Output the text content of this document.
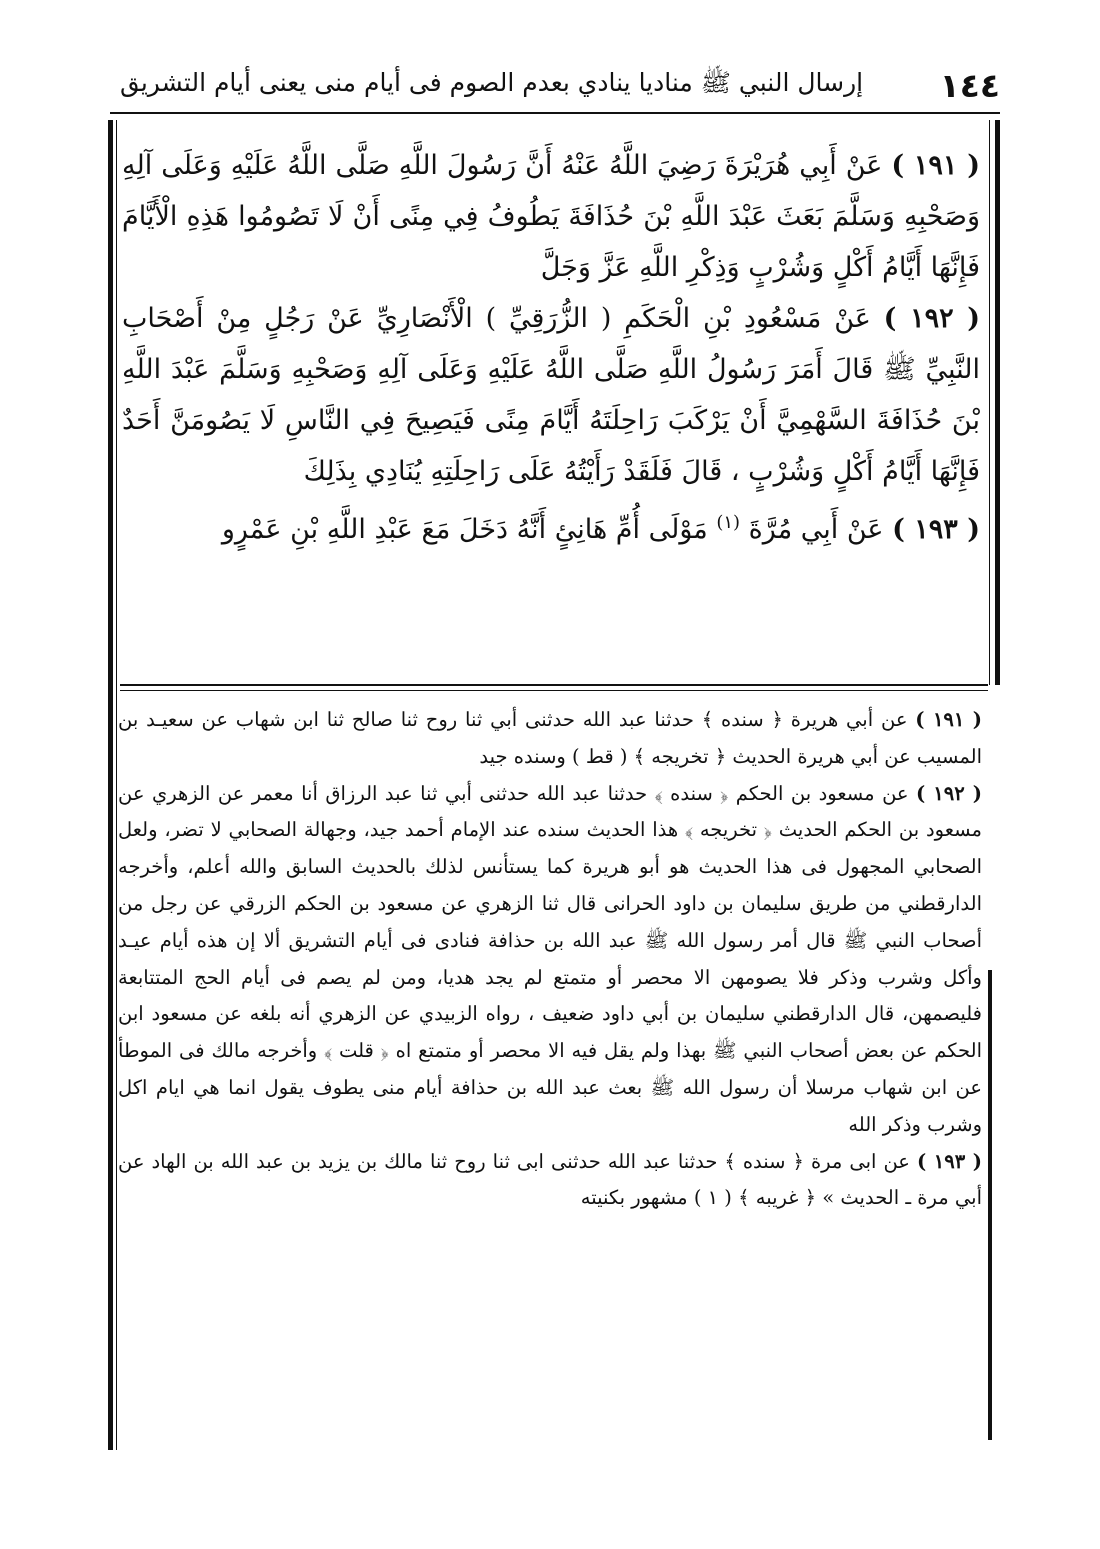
١٤٤
إرسال النبي ﷺ مناديا ينادي بعدم الصوم فى أيام منى يعنى أيام التشريق

( ١٩١ ) عَنْ أَبِي هُرَيْرَةَ رَضِيَ اللَّهُ عَنْهُ أَنَّ رَسُولَ اللَّهِ صَلَّى اللَّهُ عَلَيْهِ وَعَلَى آلِهِ وَصَحْبِهِ وَسَلَّمَ بَعَثَ عَبْدَ اللَّهِ بْنَ حُذَافَةَ يَطُوفُ فِي مِنًى أَنْ لَا تَصُومُوا هَذِهِ الْأَيَّامَ فَإِنَّهَا أَيَّامُ أَكْلٍ وَشُرْبٍ وَذِكْرِ اللَّهِ عَزَّ وَجَلَّ

( ١٩٢ ) عَنْ مَسْعُودِ بْنِ الْحَكَمِ ( الزُّرَقِيِّ ) الْأَنْصَارِيِّ عَنْ رَجُلٍ مِنْ أَصْحَابِ النَّبِيِّ ﷺ قَالَ أَمَرَ رَسُولُ اللَّهِ صَلَّى اللَّهُ عَلَيْهِ وَعَلَى آلِهِ وَصَحْبِهِ وَسَلَّمَ عَبْدَ اللَّهِ بْنَ حُذَافَةَ السَّهْمِيَّ أَنْ يَرْكَبَ رَاحِلَتَهُ أَيَّامَ مِنًى فَيَصِيحَ فِي النَّاسِ لَا يَصُومَنَّ أَحَدٌ فَإِنَّهَا أَيَّامُ أَكْلٍ وَشُرْبٍ ، قَالَ فَلَقَدْ رَأَيْتُهُ عَلَى رَاحِلَتِهِ يُنَادِي بِذَلِكَ

( ١٩٣ ) عَنْ أَبِي مُرَّةَ $^{(١)}$ مَوْلَى أُمِّ هَانِئٍ أَنَّهُ دَخَلَ مَعَ عَبْدِ اللَّهِ بْنِ عَمْرٍو

( ١٩١ ) عن أبي هريرة ﴿ سنده ﴾ حدثنا عبد الله حدثنى أبي ثنا روح ثنا صالح ثنا ابن شهاب عن سعيـد بن المسيب عن أبي هريرة الحديث ﴿ تخريجه ﴾ ( قط ) وسنده جيد

( ١٩٢ ) عن مسعود بن الحكم ﴿ سنده ﴾ حدثنا عبد الله حدثنى أبي ثنا عبد الرزاق أنا معمر عن الزهري عن مسعود بن الحكم الحديث ﴿ تخريجه ﴾ هذا الحديث سنده عند الإمام أحمد جيد، وجهالة الصحابي لا تضر، ولعل الصحابي المجهول فى هذا الحديث هو أبو هريرة كما يستأنس لذلك بالحديث السابق والله أعلم، وأخرجه الدارقطني من طريق سليمان بن داود الحرانى قال ثنا الزهري عن مسعود بن الحكم الزرقي عن رجل من أصحاب النبي ﷺ قال أمر رسول الله ﷺ عبد الله بن حذافة فنادى فى أيام التشريق ألا إن هذه أيام عيـد وأكل وشرب وذكر فلا يصومهن الا محصر أو متمتع لم يجد هديا، ومن لم يصم فى أيام الحج المتتابعة فليصمهن، قال الدارقطني سليمان بن أبي داود ضعيف ، رواه الزبيدي عن الزهري أنه بلغه عن مسعود ابن الحكم عن بعض أصحاب النبي ﷺ بهذا ولم يقل فيه الا محصر أو متمتع اه ﴿ قلت ﴾ وأخرجه مالك فى الموطأ عن ابن شهاب مرسلا أن رسول الله ﷺ بعث عبد الله بن حذافة أيام منى يطوف يقول انما هي ايام اكل وشرب وذكر الله

( ١٩٣ ) عن ابى مرة ﴿ سنده ﴾ حدثنا عبد الله حدثنى ابى ثنا روح ثنا مالك بن يزيد بن عبد الله بن الهاد عن أبي مرة ـ الحديث » ﴿ غريبه ﴾ ( ١ ) مشهور بكنيته
